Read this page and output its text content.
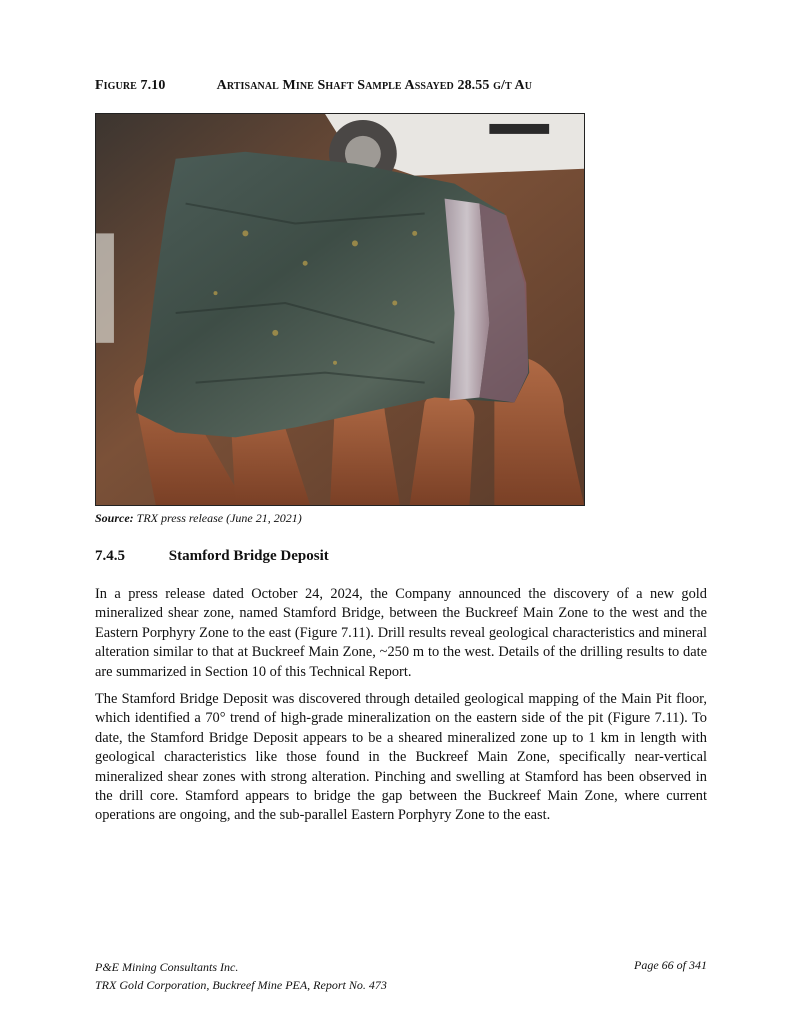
Figure 7.10	Artisanal Mine Shaft Sample Assayed 28.55 g/t Au
Source: TRX press release (June 21, 2021)
7.4.5	Stamford Bridge Deposit

In a press release dated October 24, 2024, the Company announced the discovery of a new gold mineralized shear zone, named Stamford Bridge, between the Buckreef Main Zone to the west and the Eastern Porphyry Zone to the east (Figure 7.11). Drill results reveal geological characteristics and mineral alteration similar to that at Buckreef Main Zone, ~250 m to the west. Details of the drilling results to date are summarized in Section 10 of this Technical Report.

The Stamford Bridge Deposit was discovered through detailed geological mapping of the Main Pit floor, which identified a 70° trend of high-grade mineralization on the eastern side of the pit (Figure 7.11). To date, the Stamford Bridge Deposit appears to be a sheared mineralized zone up to 1 km in length with geological characteristics like those found in the Buckreef Main Zone, specifically near-vertical mineralized shear zones with strong alteration. Pinching and swelling at Stamford has been observed in the drill core. Stamford appears to bridge the gap between the Buckreef Main Zone, where current operations are ongoing, and the sub-parallel Eastern Porphyry Zone to the east.

P&E Mining Consultants Inc.
TRX Gold Corporation, Buckreef Mine PEA, Report No. 473
Page 66 of 341
